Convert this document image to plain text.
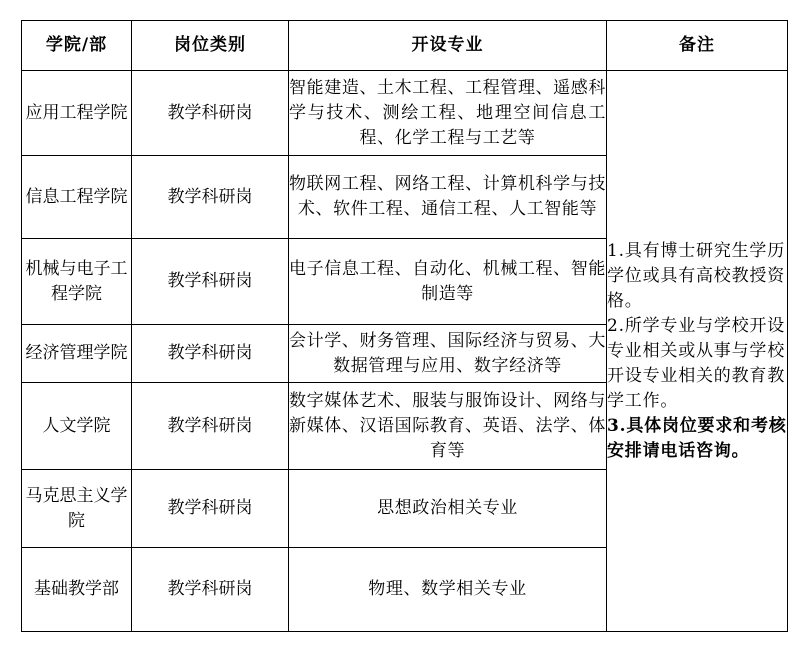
学院/部	岗位类别	开设专业	备注
应用工程学院	教学科研岗	智能建造、土木工程、工程管理、遥感科学与技术、测绘工程、地理空间信息工程、化学工程与工艺等	1.具有博士研究生学历学位或具有高校教授资格。
2.所学专业与学校开设专业相关或从事与学校开设专业相关的教育教学工作。
3.具体岗位要求和考核安排请电话咨询。

信息工程学院	教学科研岗	物联网工程、网络工程、计算机科学与技术、软件工程、通信工程、人工智能等	
机械与电子工程学院	教学科研岗	电子信息工程、自动化、机械工程、智能制造等	
经济管理学院	教学科研岗	会计学、财务管理、国际经济与贸易、大数据管理与应用、数字经济等	
人文学院	教学科研岗	数字媒体艺术、服装与服饰设计、网络与新媒体、汉语国际教育、英语、法学、体育等	
马克思主义学院	教学科研岗	思想政治相关专业	
基础教学部	教学科研岗	物理、数学相关专业	
